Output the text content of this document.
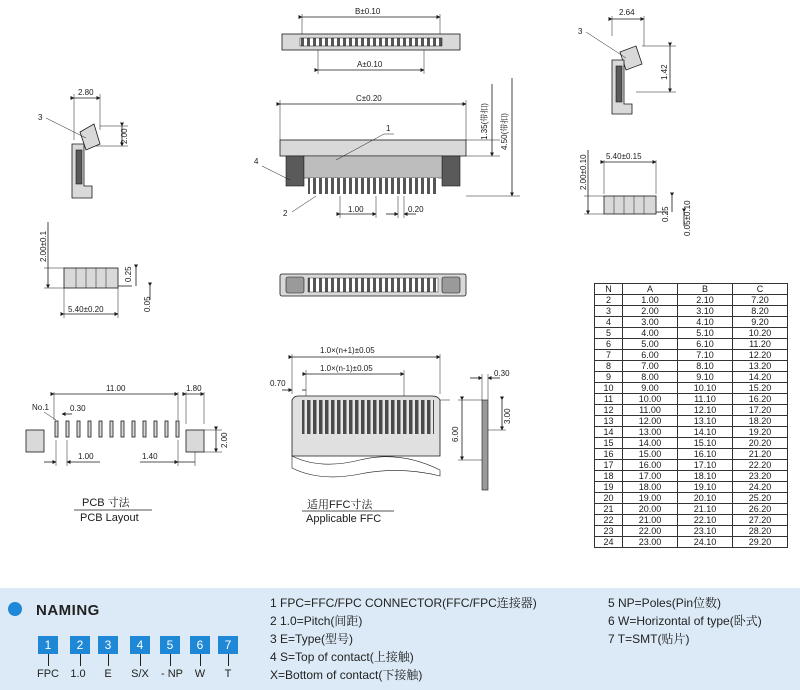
B±0.10
A±0.10
C±0.20
1.35(带扣) 4.50(带扣)
1
4
2	1.00	0.20
2.64
1.42
3
5.40±0.15
2.00±0.10
0.25 0.05±0.10
2.80
2.00
3
2.00±0.1
5.40±0.20
0.25
0.05
11.00	1.80
No.1	0.30
2.00
1.00	1.40
PCB 寸法
PCB Layout
1.0×(n+1)±0.05
1.0×(n-1)±0.05
0.70
适用FFC寸法
Applicable FFC
0.30
6.00
3.00
N	A	B	C
2	1.00	2.10	7.20
3	2.00	3.10	8.20
4	3.00	4.10	9.20
5	4.00	5.10	10.20
6	5.00	6.10	11.20
7	6.00	7.10	12.20
8	7.00	8.10	13.20
9	8.00	9.10	14.20
10	9.00	10.10	15.20
11	10.00	11.10	16.20
12	11.00	12.10	17.20
13	12.00	13.10	18.20
14	13.00	14.10	19.20
15	14.00	15.10	20.20
16	15.00	16.10	21.20
17	16.00	17.10	22.20
18	17.00	18.10	23.20
19	18.00	19.10	24.20
20	19.00	20.10	25.20
21	20.00	21.10	26.20
22	21.00	22.10	27.20
23	22.00	23.10	28.20
24	23.00	24.10	29.20
NAMING
1
FPC
2
1.0
3
E
4
S/X
5
- NP
6
W
7
T
1 FPC=FFC/FPC CONNECTOR(FFC/FPC连接器)
2 1.0=Pitch(间距)
3 E=Type(型号)
4 S=Top of contact(上接触)
X=Bottom of contact(下接触)
5 NP=Poles(Pin位数)
6 W=Horizontal of type(卧式)
7 T=SMT(贴片)
